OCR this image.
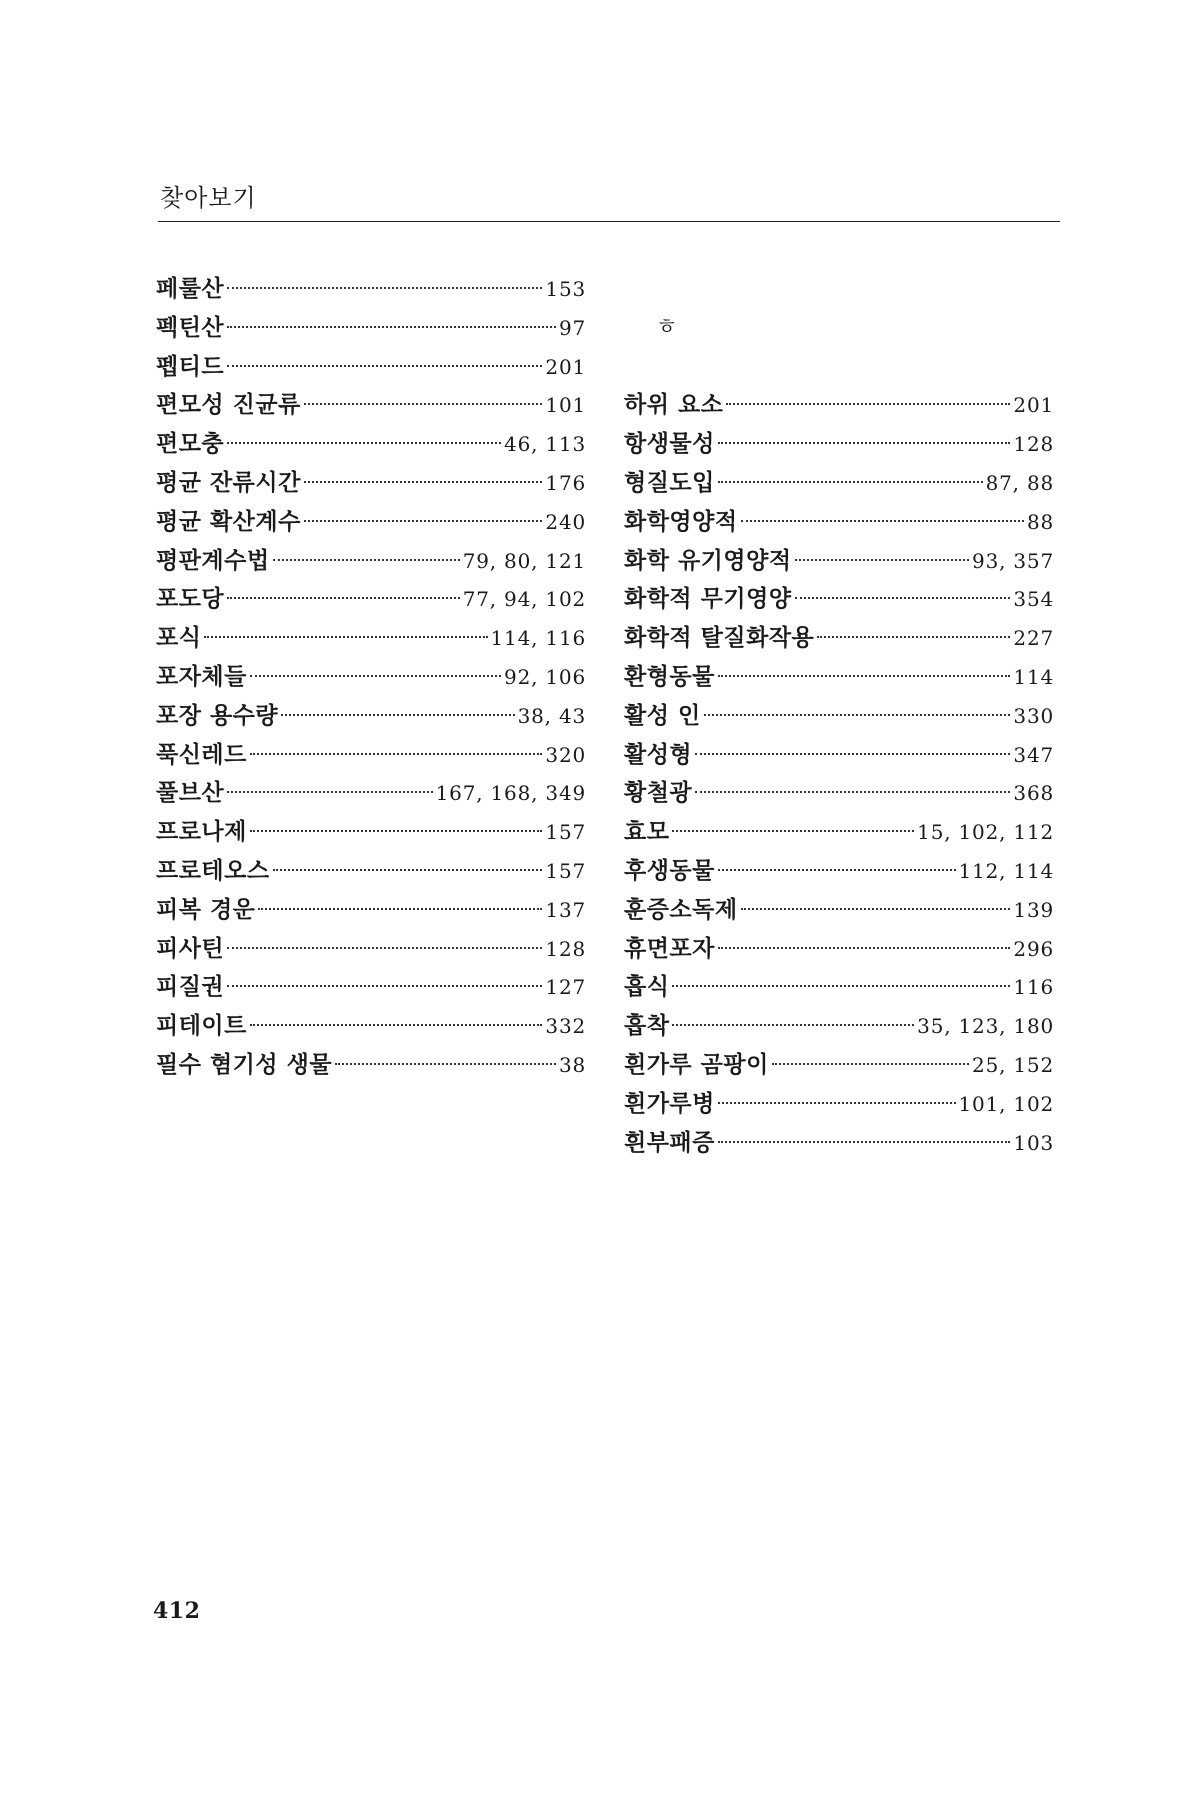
찾아보기
페룰산	153
펙틴산	97
펩티드	201
편모성 진균류	101
편모충	46, 113
평균 잔류시간	176
평균 확산계수	240
평판계수법	79, 80, 121
포도당	77, 94, 102
포식	114, 116
포자체들	92, 106
포장 용수량	38, 43
푹신레드	320
풀브산	167, 168, 349
프로나제	157
프로테오스	157
피복 경운	137
피사틴	128
피질권	127
피테이트	332
필수 혐기성 생물	38
ㅎ
하위 요소	201
항생물성	128
형질도입	87, 88
화학영양적	88
화학 유기영양적	93, 357
화학적 무기영양	354
화학적 탈질화작용	227
환형동물	114
활성 인	330
활성형	347
황철광	368
효모	15, 102, 112
후생동물	112, 114
훈증소독제	139
휴면포자	296
흡식	116
흡착	35, 123, 180
흰가루 곰팡이	25, 152
흰가루병	101, 102
흰부패증	103
412
